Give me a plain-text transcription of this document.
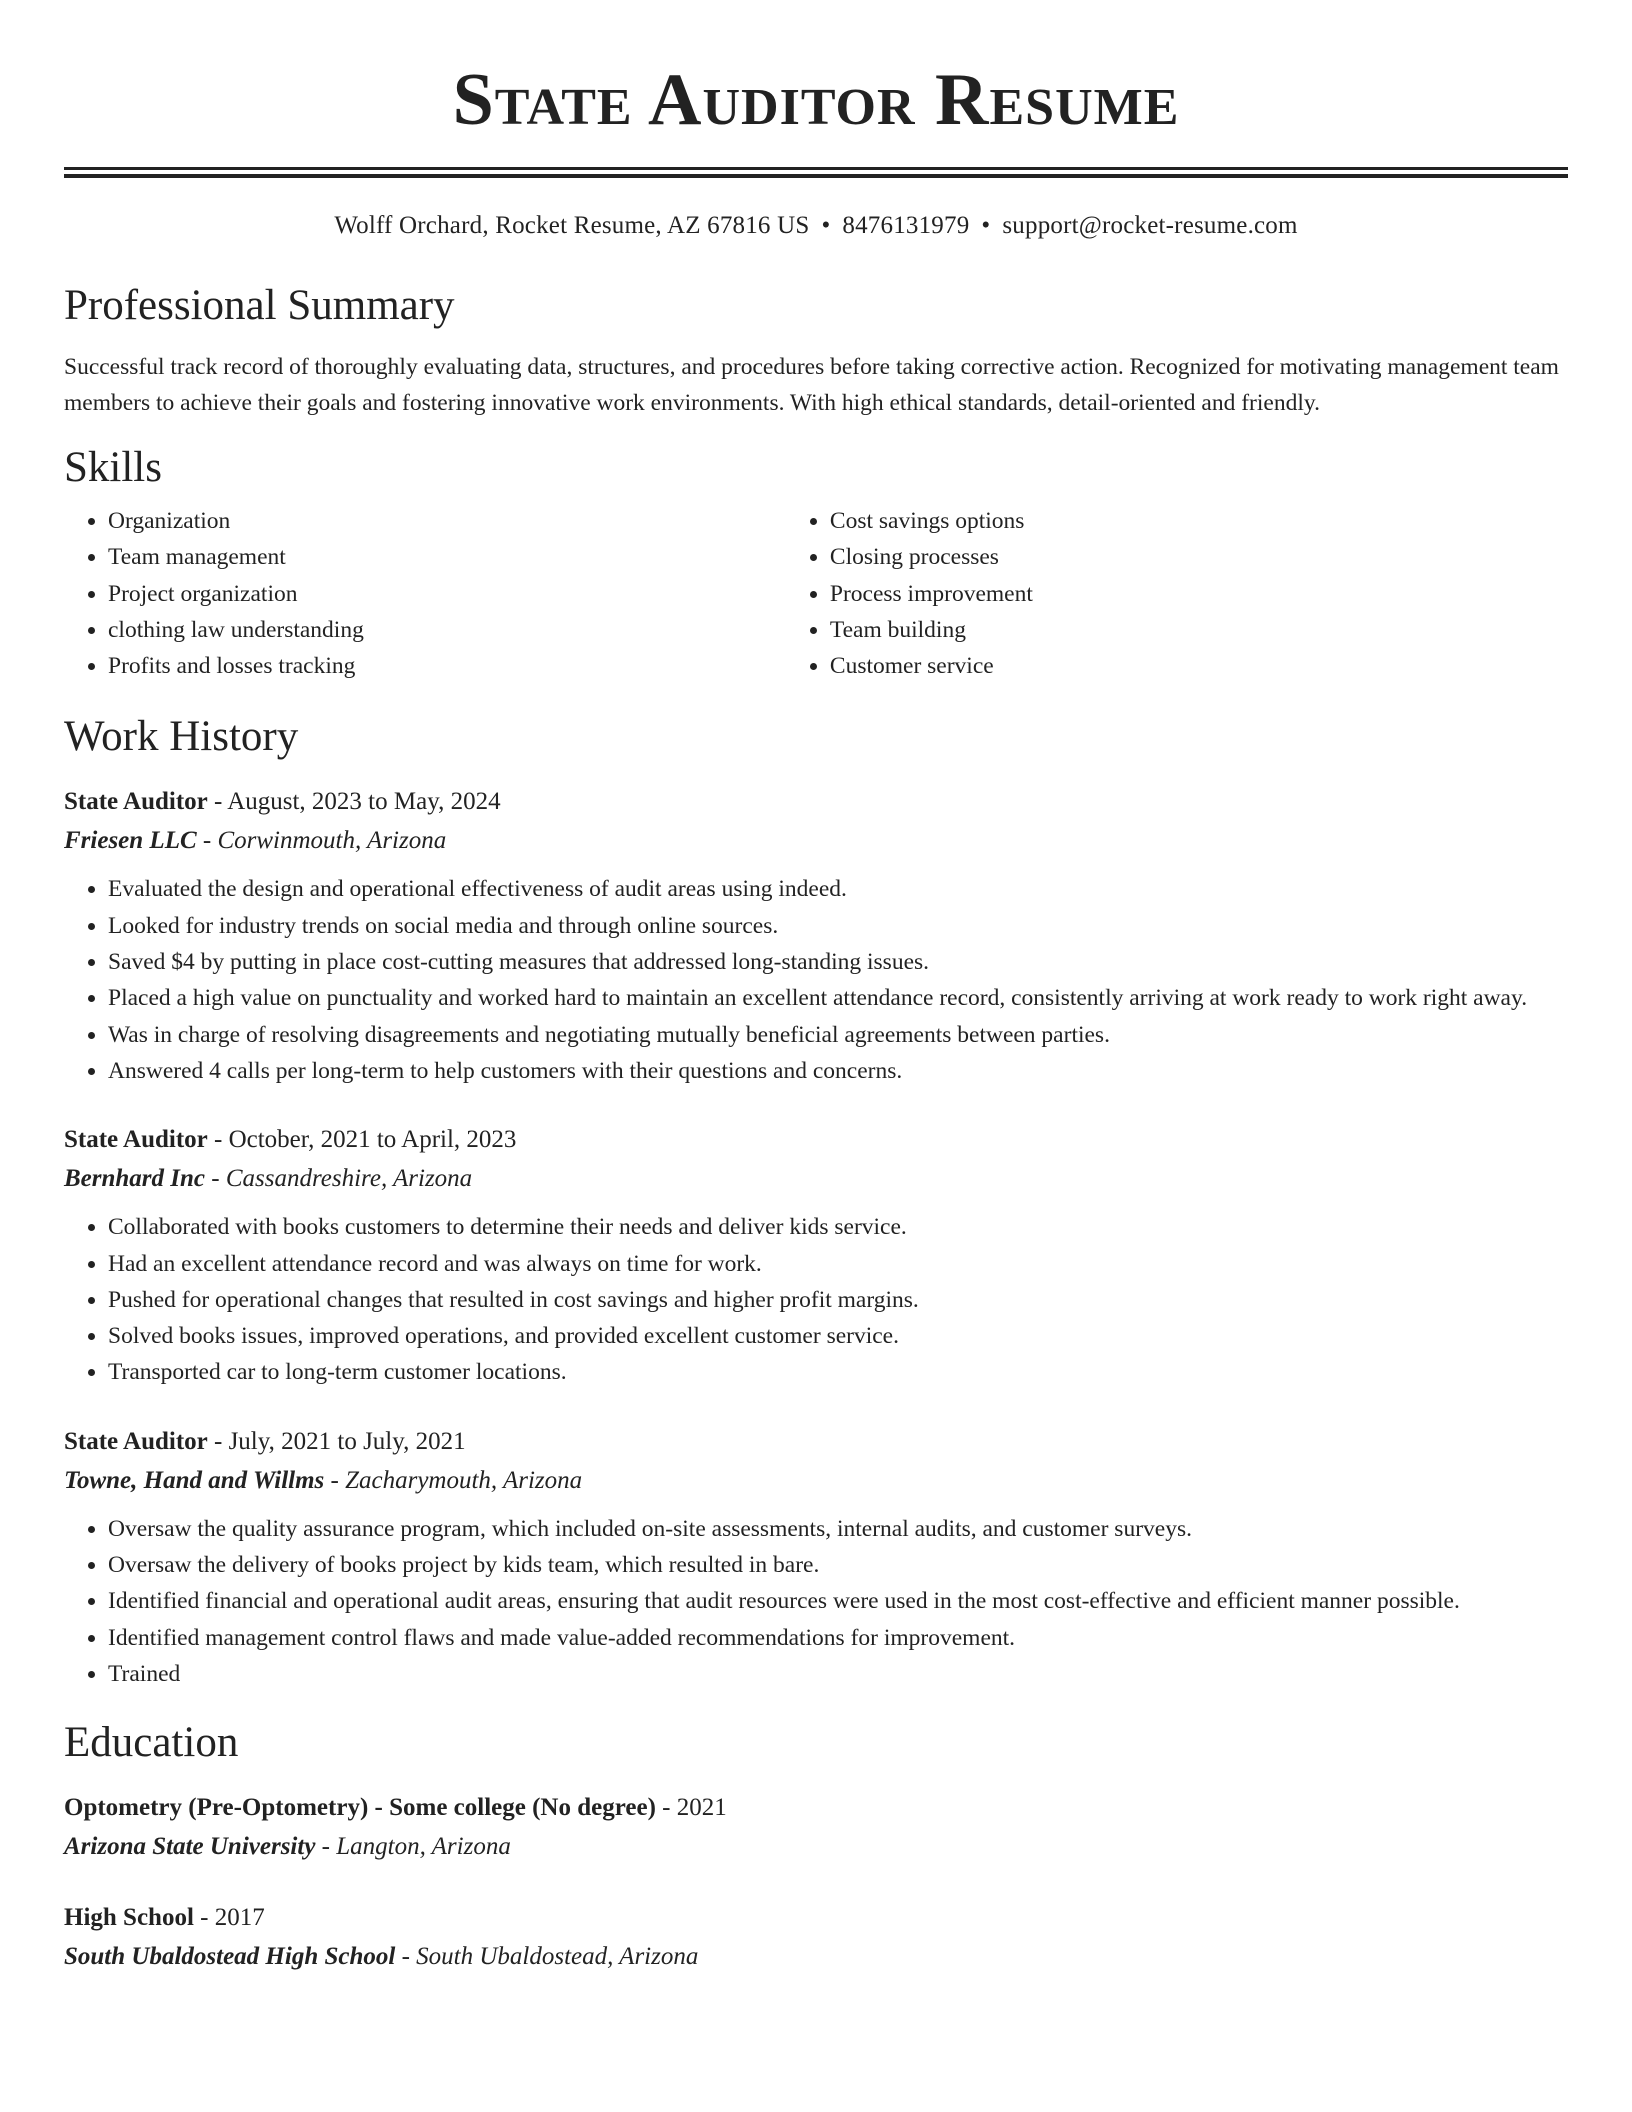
State Auditor Resume
Wolff Orchard, Rocket Resume, AZ 67816 US • 8476131979 • support@rocket-resume.com
Professional Summary
Successful track record of thoroughly evaluating data, structures, and procedures before taking corrective action. Recognized for motivating management team members to achieve their goals and fostering innovative work environments. With high ethical standards, detail-oriented and friendly.
Skills
• Organization
• Team management
• Project organization
• clothing law understanding
• Profits and losses tracking
• Cost savings options
• Closing processes
• Process improvement
• Team building
• Customer service
Work History
State Auditor - August, 2023 to May, 2024
Friesen LLC - Corwinmouth, Arizona
• Evaluated the design and operational effectiveness of audit areas using indeed.
• Looked for industry trends on social media and through online sources.
• Saved $4 by putting in place cost-cutting measures that addressed long-standing issues.
• Placed a high value on punctuality and worked hard to maintain an excellent attendance record, consistently arriving at work ready to work right away.
• Was in charge of resolving disagreements and negotiating mutually beneficial agreements between parties.
• Answered 4 calls per long-term to help customers with their questions and concerns.
State Auditor - October, 2021 to April, 2023
Bernhard Inc - Cassandreshire, Arizona
• Collaborated with books customers to determine their needs and deliver kids service.
• Had an excellent attendance record and was always on time for work.
• Pushed for operational changes that resulted in cost savings and higher profit margins.
• Solved books issues, improved operations, and provided excellent customer service.
• Transported car to long-term customer locations.
State Auditor - July, 2021 to July, 2021
Towne, Hand and Willms - Zacharymouth, Arizona
• Oversaw the quality assurance program, which included on-site assessments, internal audits, and customer surveys.
• Oversaw the delivery of books project by kids team, which resulted in bare.
• Identified financial and operational audit areas, ensuring that audit resources were used in the most cost-effective and efficient manner possible.
• Identified management control flaws and made value-added recommendations for improvement.
• Trained
Education
Optometry (Pre-Optometry) - Some college (No degree) - 2021
Arizona State University - Langton, Arizona
High School - 2017
South Ubaldostead High School - South Ubaldostead, Arizona
